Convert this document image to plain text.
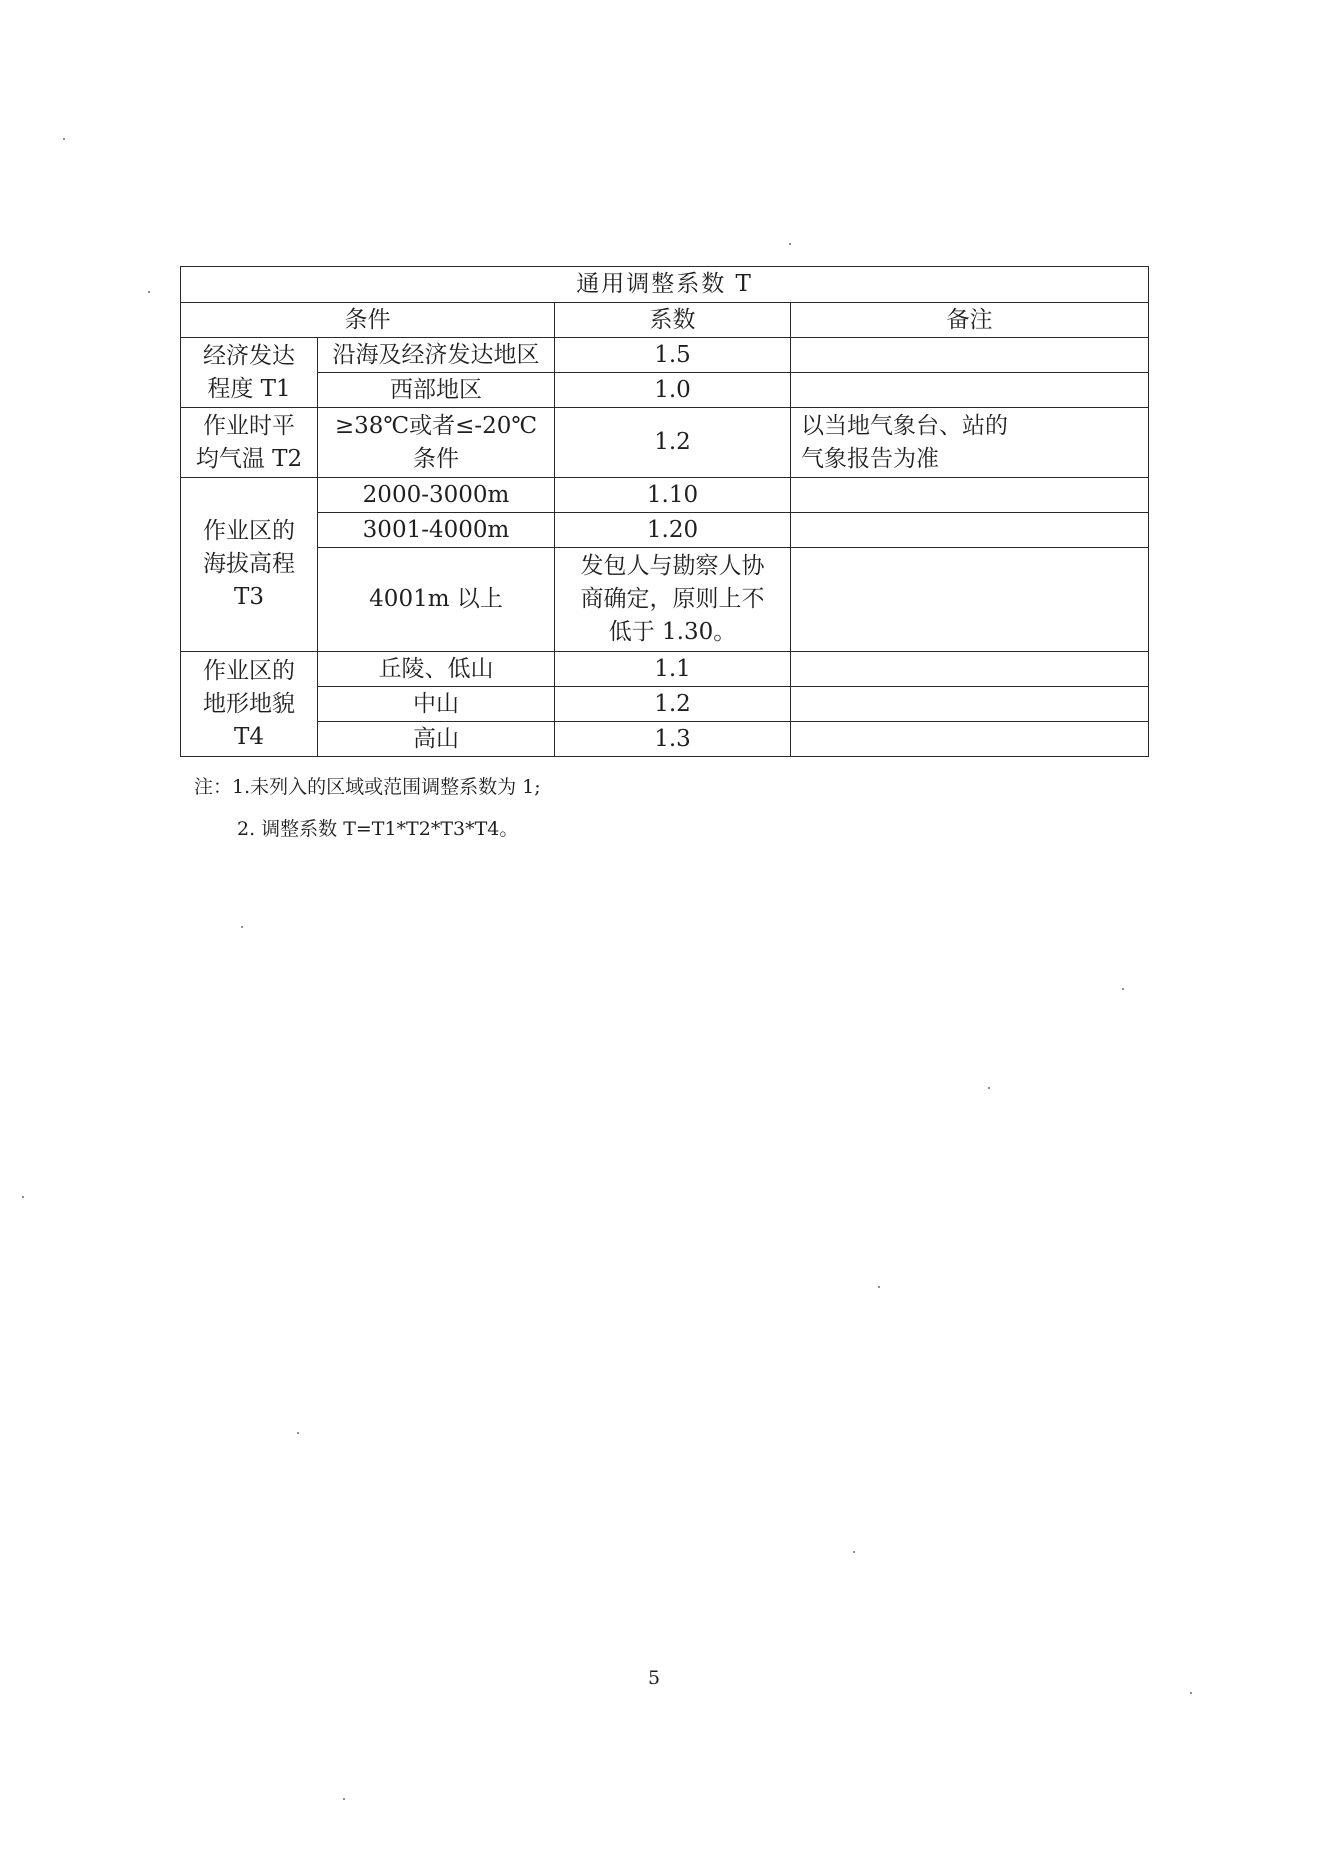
通用调整系数 T			
条件		系数	备注
经济发达
程度 T1	沿海及经济发达地区	1.5	
	西部地区	1.0	
作业时平
均气温 T2	≥38℃或者≤-20℃条件	1.2	以当地气象台、站的
气象报告为准
作业区的
海拔高程
T3	2000-3000m	1.10	
	3001-4000m	1.20	
	4001m 以上	发包人与勘察人协
商确定，原则上不
低于 1.30。	
作业区的
地形地貌
T4	丘陵、低山	1.1	
	中山	1.2	
	高山	1.3	
注：1.未列入的区域或范围调整系数为 1;
2. 调整系数 T=T1*T2*T3*T4。
5
